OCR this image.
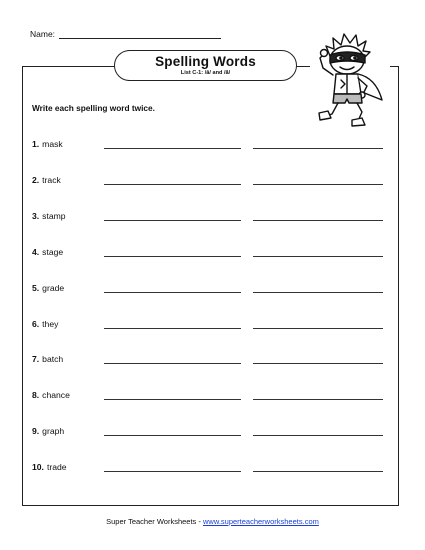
Name:
Spelling Words
List C-1: /ā/ and /ă/
Write each spelling word twice.
1. mask
2. track
3. stamp
4. stage
5. grade
6. they
7. batch
8. chance
9. graph
10. trade
Super Teacher Worksheets - www.superteacherworksheets.com
